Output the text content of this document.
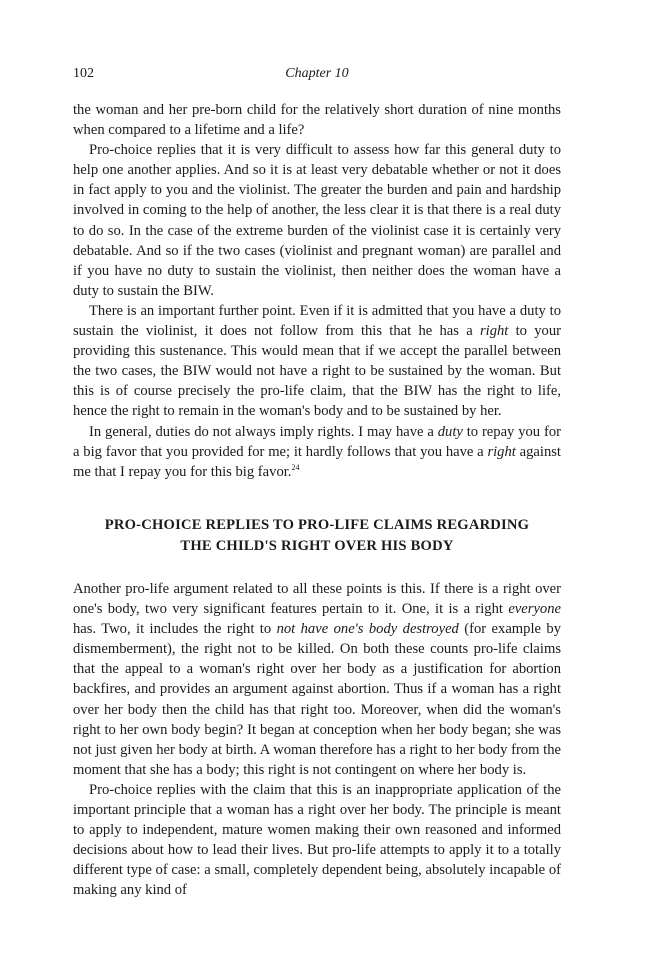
102	Chapter 10

the woman and her pre-born child for the relatively short duration of nine months when compared to a lifetime and a life?

Pro-choice replies that it is very difficult to assess how far this general duty to help one another applies. And so it is at least very debatable whether or not it does in fact apply to you and the violinist. The greater the burden and pain and hardship involved in coming to the help of another, the less clear it is that there is a real duty to do so. In the case of the extreme burden of the violinist case it is certainly very debatable. And so if the two cases (violinist and pregnant woman) are parallel and if you have no duty to sustain the violinist, then neither does the woman have a duty to sustain the BIW.

There is an important further point. Even if it is admitted that you have a duty to sustain the violinist, it does not follow from this that he has a right to your providing this sustenance. This would mean that if we accept the parallel between the two cases, the BIW would not have a right to be sustained by the woman. But this is of course precisely the pro-life claim, that the BIW has the right to life, hence the right to remain in the woman's body and to be sustained by her.

In general, duties do not always imply rights. I may have a duty to repay you for a big favor that you provided for me; it hardly follows that you have a right against me that I repay you for this big favor.$^{24}$

PRO-CHOICE REPLIES TO PRO-LIFE CLAIMS REGARDING
THE CHILD'S RIGHT OVER HIS BODY

Another pro-life argument related to all these points is this. If there is a right over one's body, two very significant features pertain to it. One, it is a right everyone has. Two, it includes the right to not have one's body destroyed (for example by dismemberment), the right not to be killed. On both these counts pro-life claims that the appeal to a woman's right over her body as a justification for abortion backfires, and provides an argument against abortion. Thus if a woman has a right over her body then the child has that right too. Moreover, when did the woman's right to her own body begin? It began at conception when her body began; she was not just given her body at birth. A woman therefore has a right to her body from the moment that she has a body; this right is not contingent on where her body is.

Pro-choice replies with the claim that this is an inappropriate application of the important principle that a woman has a right over her body. The principle is meant to apply to independent, mature women making their own reasoned and informed decisions about how to lead their lives. But pro-life attempts to apply it to a totally different type of case: a small, completely dependent being, absolutely incapable of making any kind of
